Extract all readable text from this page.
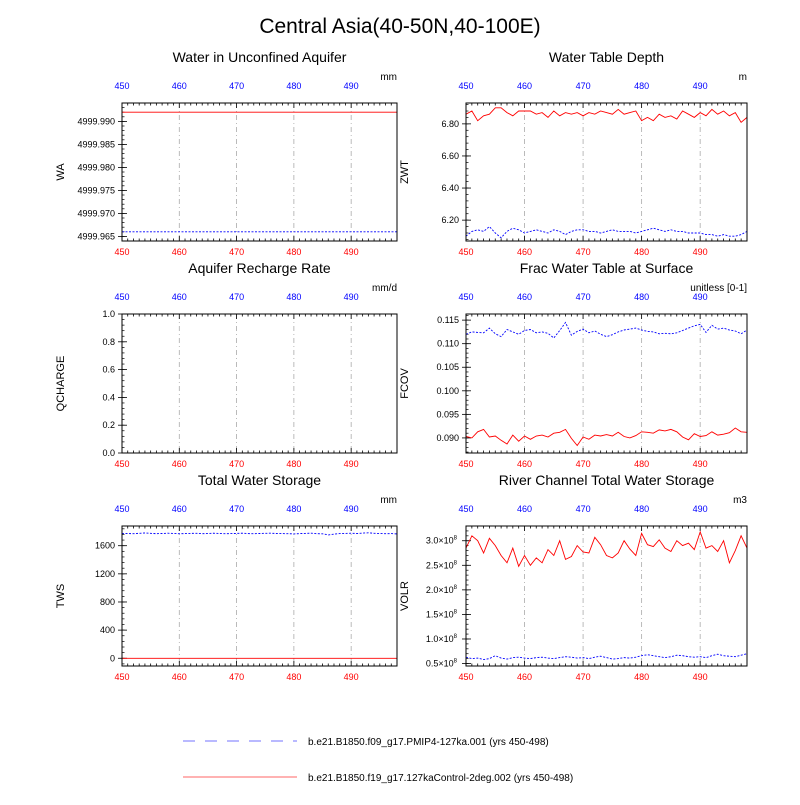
Central Asia(40-50N,40-100E)
Water in Unconfined Aquifer
mm
WA
450
450
460
460
470
470
480
480
490
490
4999.965
4999.970
4999.975
4999.980
4999.985
4999.990
Water Table Depth
m
ZWT
450
450
460
460
470
470
480
480
490
490
6.20
6.40
6.60
6.80
Aquifer Recharge Rate
mm/d
QCHARGE
450
450
460
460
470
470
480
480
490
490
0.0
0.2
0.4
0.6
0.8
1.0
Frac Water Table at Surface
unitless [0-1]
FCOV
450
450
460
460
470
470
480
480
490
490
0.090
0.095
0.100
0.105
0.110
0.115
Total Water Storage
mm
TWS
450
450
460
460
470
470
480
480
490
490
0
400
800
1200
1600
River Channel Total Water Storage
m3
VOLR
450
450
460
460
470
470
480
480
490
490
$0.5\times 10^8$
$1.0\times 10^8$
$1.5\times 10^8$
$2.0\times 10^8$
$2.5\times 10^8$
$3.0\times 10^8$
b.e21.B1850.f09_g17.PMIP4-127ka.001 (yrs 450-498)
b.e21.B1850.f19_g17.127kaControl-2deg.002 (yrs 450-498)
